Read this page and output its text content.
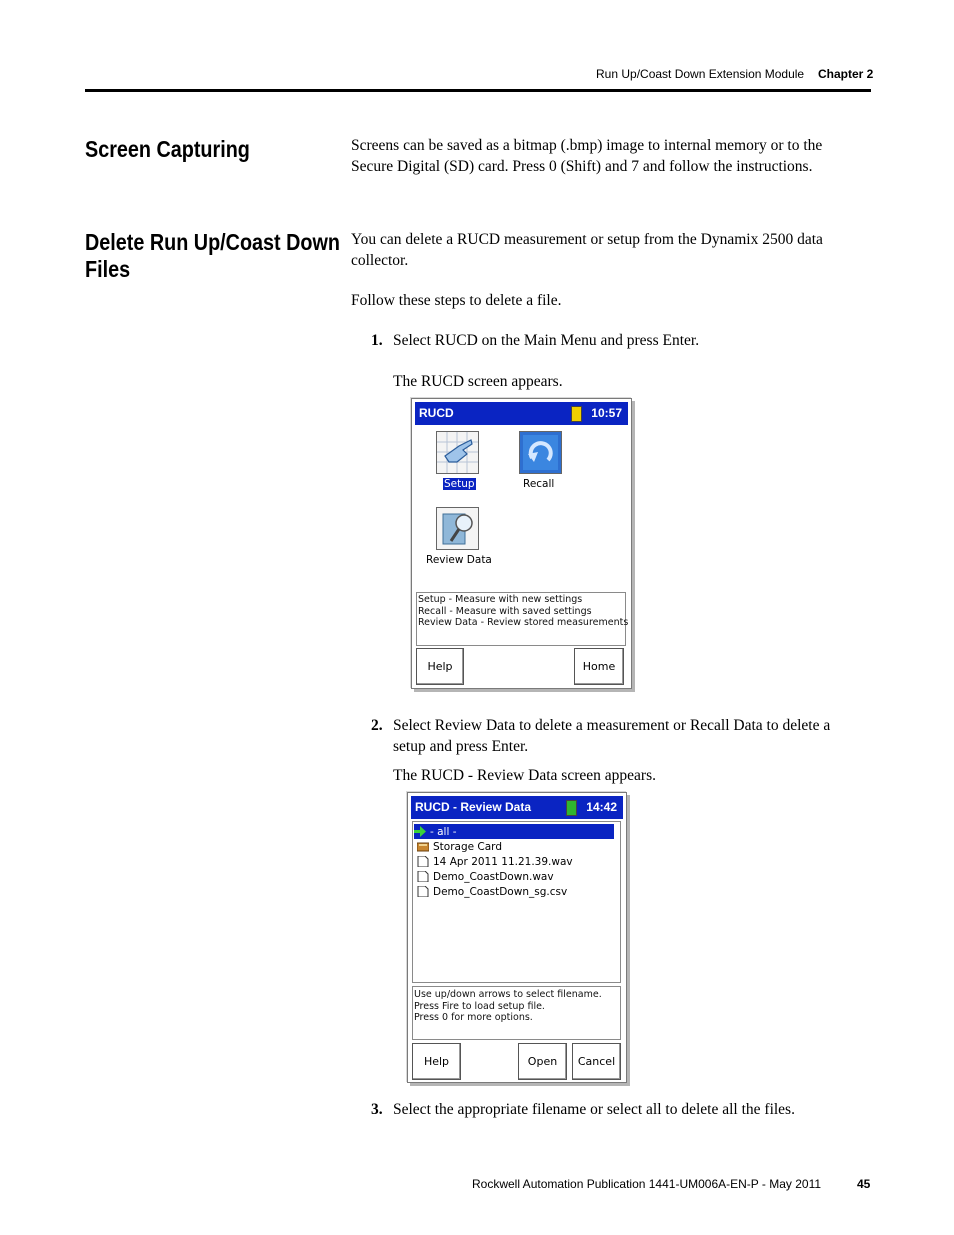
Run Up/Coast Down Extension Module Chapter 2
Screen Capturing	Screens can be saved as a bitmap (.bmp) image to internal memory or to the
Secure Digital (SD) card. Press 0 (Shift) and 7 and follow the instructions.
Delete Run Up/Coast Down
Files
You can delete a RUCD measurement or setup from the Dynamix 2500 data
collector.
Follow these steps to delete a file.
1. Select RUCD on the Main Menu and press Enter.
The RUCD screen appears.
RUCD	10:57
Setup	Recall
Review Data
Setup - Measure with new settings
Recall - Measure with saved settings
Review Data - Review stored measurements
Help	Home
2. Select Review Data to delete a measurement or Recall Data to delete a
setup and press Enter.
The RUCD - Review Data screen appears.
RUCD - Review Data	14:42
- all -
Storage Card
14 Apr 2011 11.21.39.wav
Demo_CoastDown.wav
Demo_CoastDown_sg.csv
Use up/down arrows to select filename.
Press Fire to load setup file.
Press 0 for more options.
Help	Open	Cancel
3. Select the appropriate filename or select all to delete all the files.
Rockwell Automation Publication 1441-UM006A-EN-P - May 2011	45
